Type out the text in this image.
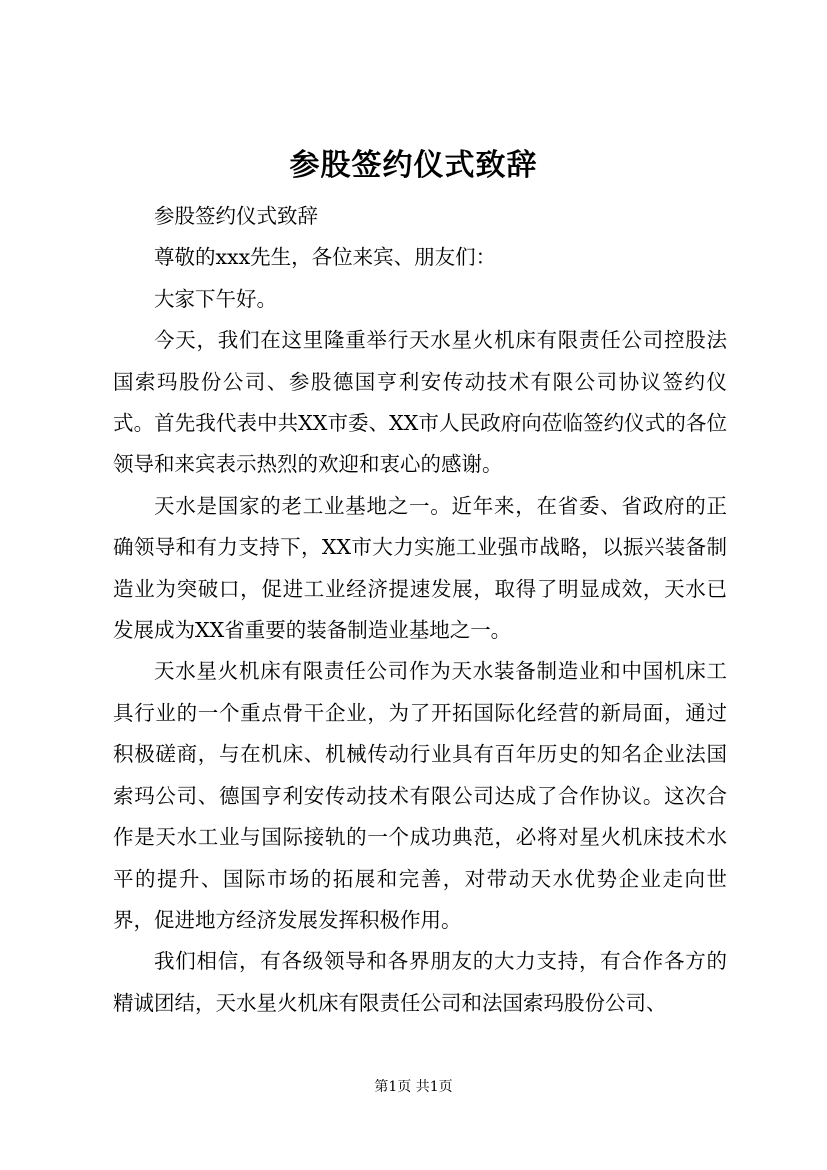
参股签约仪式致辞

参股签约仪式致辞

尊敬的xxx先生，各位来宾、朋友们：

大家下午好。

今天，我们在这里隆重举行天水星火机床有限责任公司控股法国索玛股份公司、参股德国亨利安传动技术有限公司协议签约仪式。首先我代表中共XX市委、XX市人民政府向莅临签约仪式的各位领导和来宾表示热烈的欢迎和衷心的感谢。

天水是国家的老工业基地之一。近年来，在省委、省政府的正确领导和有力支持下，XX市大力实施工业强市战略，以振兴装备制造业为突破口，促进工业经济提速发展，取得了明显成效，天水已发展成为XX省重要的装备制造业基地之一。

天水星火机床有限责任公司作为天水装备制造业和中国机床工具行业的一个重点骨干企业，为了开拓国际化经营的新局面，通过积极磋商，与在机床、机械传动行业具有百年历史的知名企业法国索玛公司、德国亨利安传动技术有限公司达成了合作协议。这次合作是天水工业与国际接轨的一个成功典范，必将对星火机床技术水平的提升、国际市场的拓展和完善，对带动天水优势企业走向世界，促进地方经济发展发挥积极作用。

我们相信，有各级领导和各界朋友的大力支持，有合作各方的精诚团结，天水星火机床有限责任公司和法国索玛股份公司、

第1页 共1页
